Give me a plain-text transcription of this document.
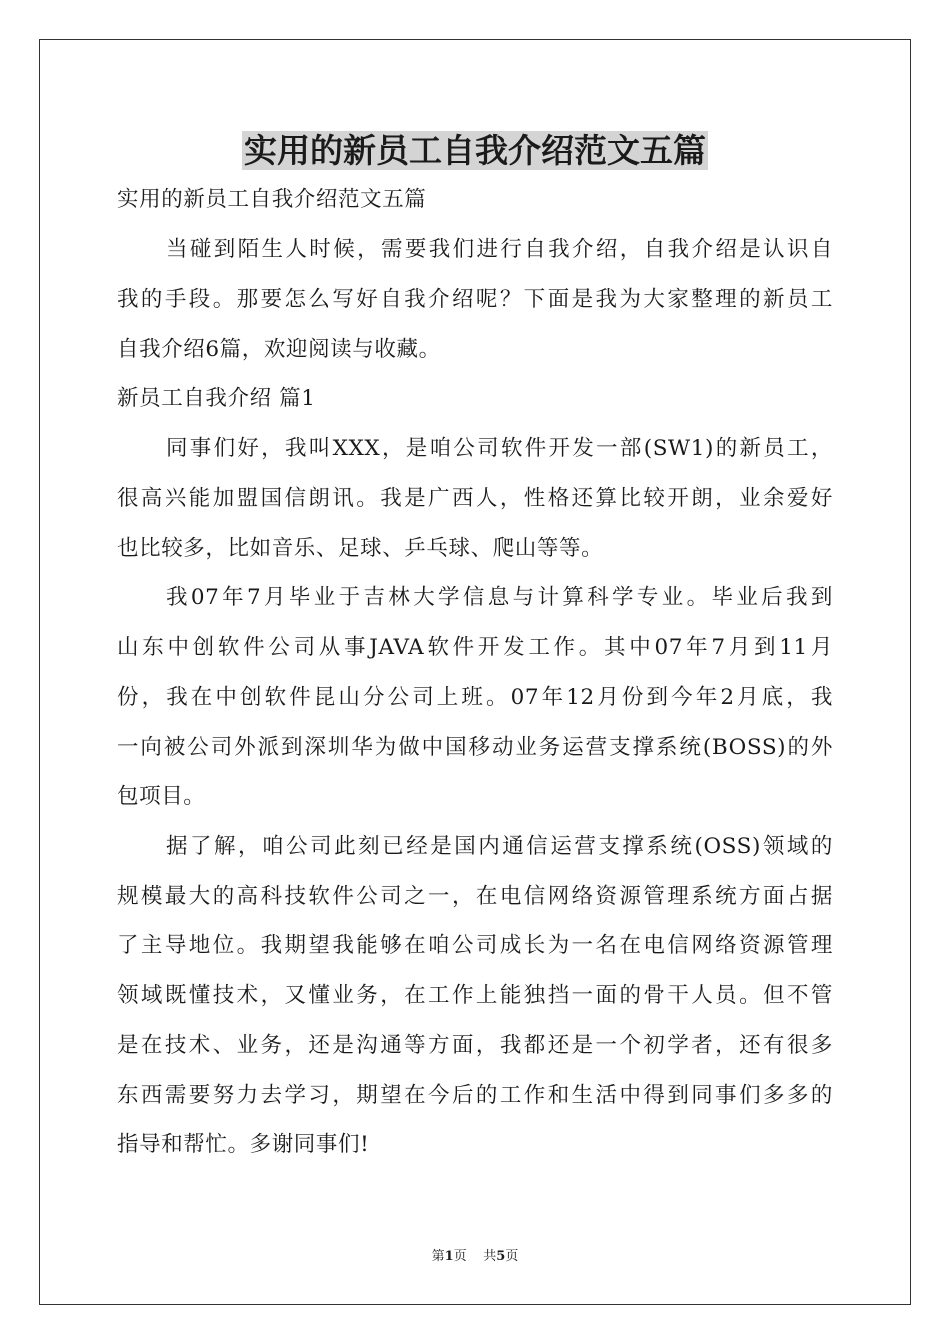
实用的新员工自我介绍范文五篇
实用的新员工自我介绍范文五篇
当碰到陌生人时候，需要我们进行自我介绍，自我介绍是认识自
我的手段。那要怎么写好自我介绍呢？下面是我为大家整理的新员工
自我介绍6篇，欢迎阅读与收藏。
新员工自我介绍 篇1
同事们好，我叫XXX，是咱公司软件开发一部(SW1)的新员工，
很高兴能加盟国信朗讯。我是广西人，性格还算比较开朗，业余爱好
也比较多，比如音乐、足球、乒乓球、爬山等等。
我07年7月毕业于吉林大学信息与计算科学专业。毕业后我到
山东中创软件公司从事JAVA软件开发工作。其中07年7月到11月
份，我在中创软件昆山分公司上班。07年12月份到今年2月底，我
一向被公司外派到深圳华为做中国移动业务运营支撑系统(BOSS)的外
包项目。
据了解，咱公司此刻已经是国内通信运营支撑系统(OSS)领域的
规模最大的高科技软件公司之一，在电信网络资源管理系统方面占据
了主导地位。我期望我能够在咱公司成长为一名在电信网络资源管理
领域既懂技术，又懂业务，在工作上能独挡一面的骨干人员。但不管
是在技术、业务，还是沟通等方面，我都还是一个初学者，还有很多
东西需要努力去学习，期望在今后的工作和生活中得到同事们多多的
指导和帮忙。多谢同事们!
第1页 共5页
